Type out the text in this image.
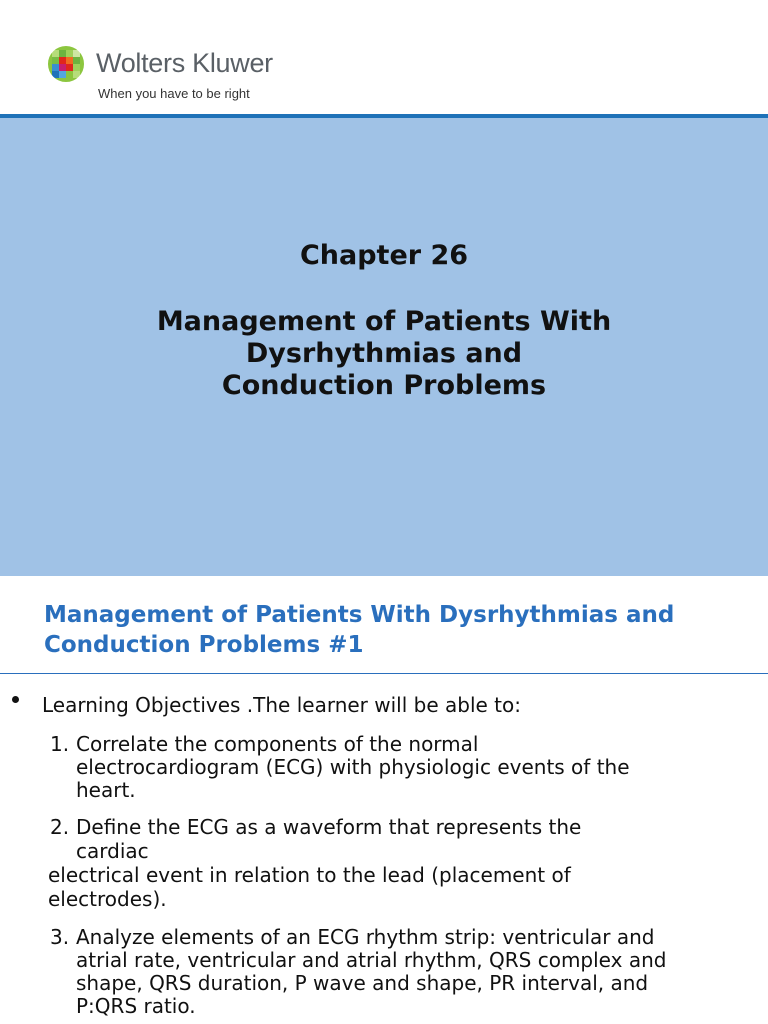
Wolters Kluwer
When you have to be right
Chapter 26
Management of Patients With
Dysrhythmias and
Conduction Problems
Management of Patients With Dysrhythmias and
Conduction Problems #1
Learning Objectives .The learner will be able to:
1. Correlate the components of the normal
electrocardiogram (ECG) with physiologic events of the
heart.
2. Define the ECG as a waveform that represents the
cardiac
electrical event in relation to the lead (placement of
electrodes).
3. Analyze elements of an ECG rhythm strip: ventricular and
atrial rate, ventricular and atrial rhythm, QRS complex and
shape, QRS duration, P wave and shape, PR interval, and
P:QRS ratio.
